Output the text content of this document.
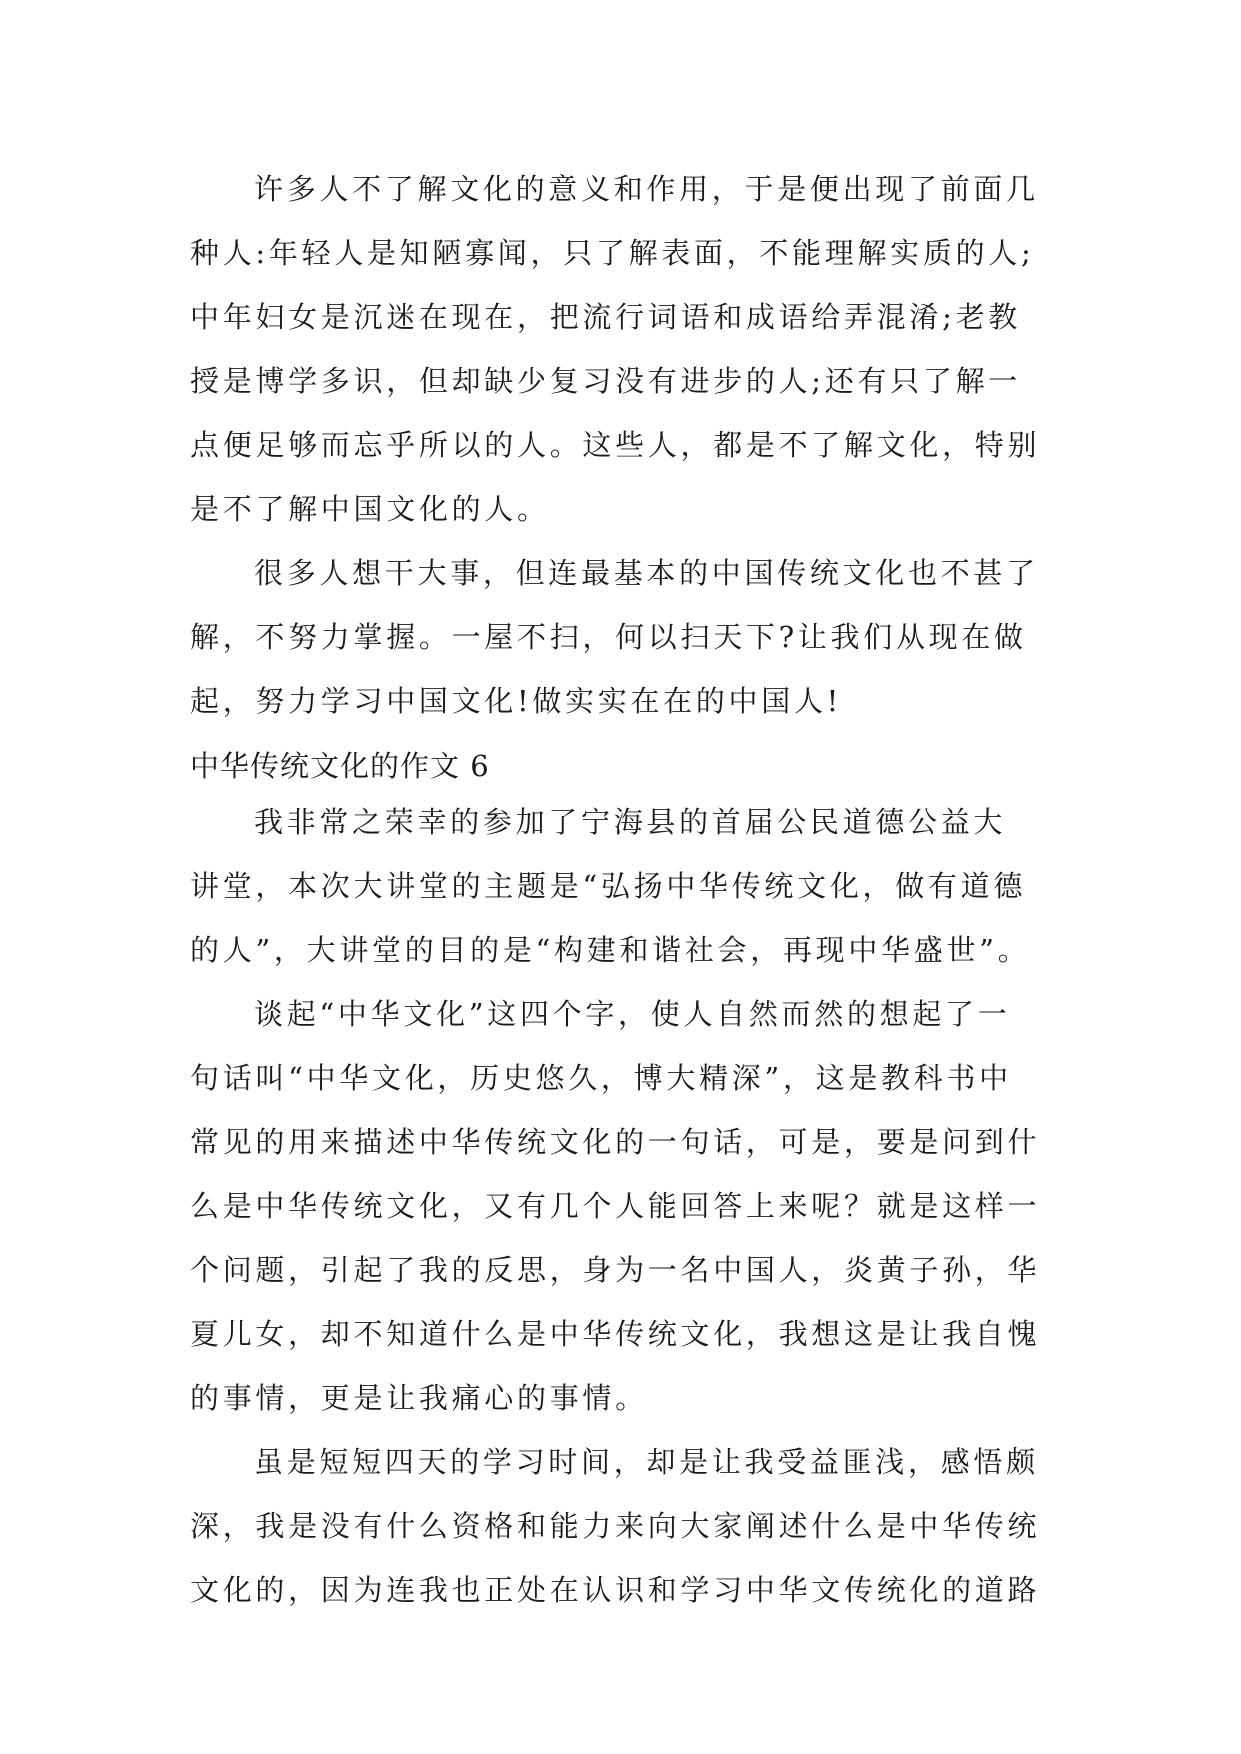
许多人不了解文化的意义和作用，于是便出现了前面几
种人:年轻人是知陋寡闻，只了解表面，不能理解实质的人;
中年妇女是沉迷在现在，把流行词语和成语给弄混淆;老教
授是博学多识，但却缺少复习没有进步的人;还有只了解一
点便足够而忘乎所以的人。这些人，都是不了解文化，特别
是不了解中国文化的人。
很多人想干大事，但连最基本的中国传统文化也不甚了
解，不努力掌握。一屋不扫，何以扫天下?让我们从现在做
起，努力学习中国文化!做实实在在的中国人!
中华传统文化的作文 6
我非常之荣幸的参加了宁海县的首届公民道德公益大
讲堂，本次大讲堂的主题是“弘扬中华传统文化，做有道德
的人”，大讲堂的目的是“构建和谐社会，再现中华盛世”。
谈起“中华文化”这四个字，使人自然而然的想起了一
句话叫“中华文化，历史悠久，博大精深”，这是教科书中
常见的用来描述中华传统文化的一句话，可是，要是问到什
么是中华传统文化，又有几个人能回答上来呢？就是这样一
个问题，引起了我的反思，身为一名中国人，炎黄子孙，华
夏儿女，却不知道什么是中华传统文化，我想这是让我自愧
的事情，更是让我痛心的事情。
虽是短短四天的学习时间，却是让我受益匪浅，感悟颇
深，我是没有什么资格和能力来向大家阐述什么是中华传统
文化的，因为连我也正处在认识和学习中华文传统化的道路
